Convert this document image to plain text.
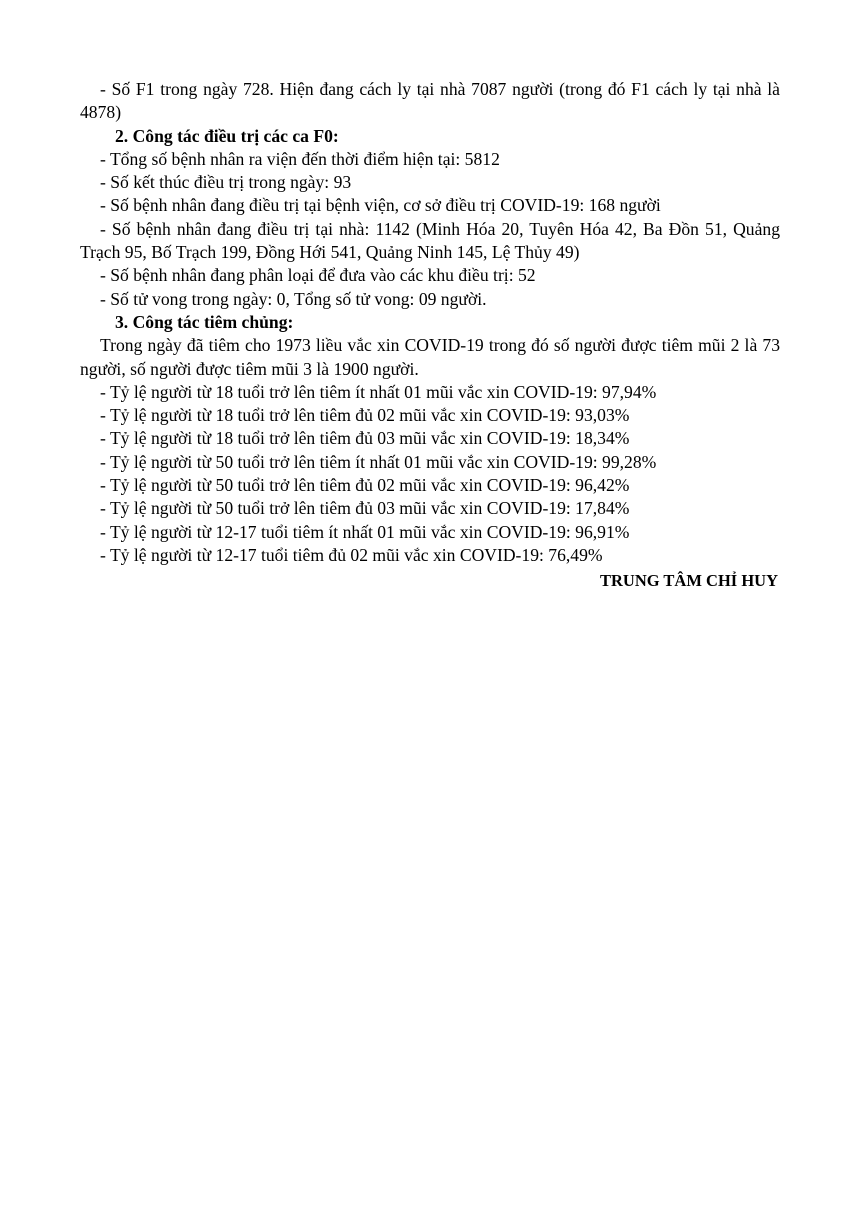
- Số F1 trong ngày 728. Hiện đang cách ly tại nhà 7087 người (trong đó F1 cách ly tại nhà là 4878)

2. Công tác điều trị các ca F0:

- Tổng số bệnh nhân ra viện đến thời điểm hiện tại: 5812

- Số kết thúc điều trị trong ngày: 93

- Số bệnh nhân đang điều trị tại bệnh viện, cơ sở điều trị COVID-19: 168 người

- Số bệnh nhân đang điều trị tại nhà: 1142 (Minh Hóa 20, Tuyên Hóa 42, Ba Đồn 51, Quảng Trạch 95, Bố Trạch 199, Đồng Hới 541, Quảng Ninh 145, Lệ Thủy 49)

- Số bệnh nhân đang phân loại để đưa vào các khu điều trị: 52

- Số tử vong trong ngày: 0, Tổng số tử vong: 09 người.

3. Công tác tiêm chủng:

Trong ngày đã tiêm cho 1973 liều vắc xin COVID-19 trong đó số người được tiêm mũi 2 là 73 người, số người được tiêm mũi 3 là 1900 người.

- Tỷ lệ người từ 18 tuổi trở lên tiêm ít nhất 01 mũi vắc xin COVID-19: 97,94%

- Tỷ lệ người từ 18 tuổi trở lên tiêm đủ 02 mũi vắc xin COVID-19: 93,03%

- Tỷ lệ người từ 18 tuổi trở lên tiêm đủ 03 mũi vắc xin COVID-19: 18,34%

- Tỷ lệ người từ 50 tuổi trở lên tiêm ít nhất 01 mũi vắc xin COVID-19: 99,28%

- Tỷ lệ người từ 50 tuổi trở lên tiêm đủ 02 mũi vắc xin COVID-19: 96,42%

- Tỷ lệ người từ 50 tuổi trở lên tiêm đủ 03 mũi vắc xin COVID-19: 17,84%

- Tỷ lệ người từ 12-17 tuổi tiêm ít nhất 01 mũi vắc xin COVID-19: 96,91%

- Tỷ lệ người từ 12-17 tuổi tiêm đủ 02 mũi vắc xin COVID-19: 76,49%

TRUNG TÂM CHỈ HUY
